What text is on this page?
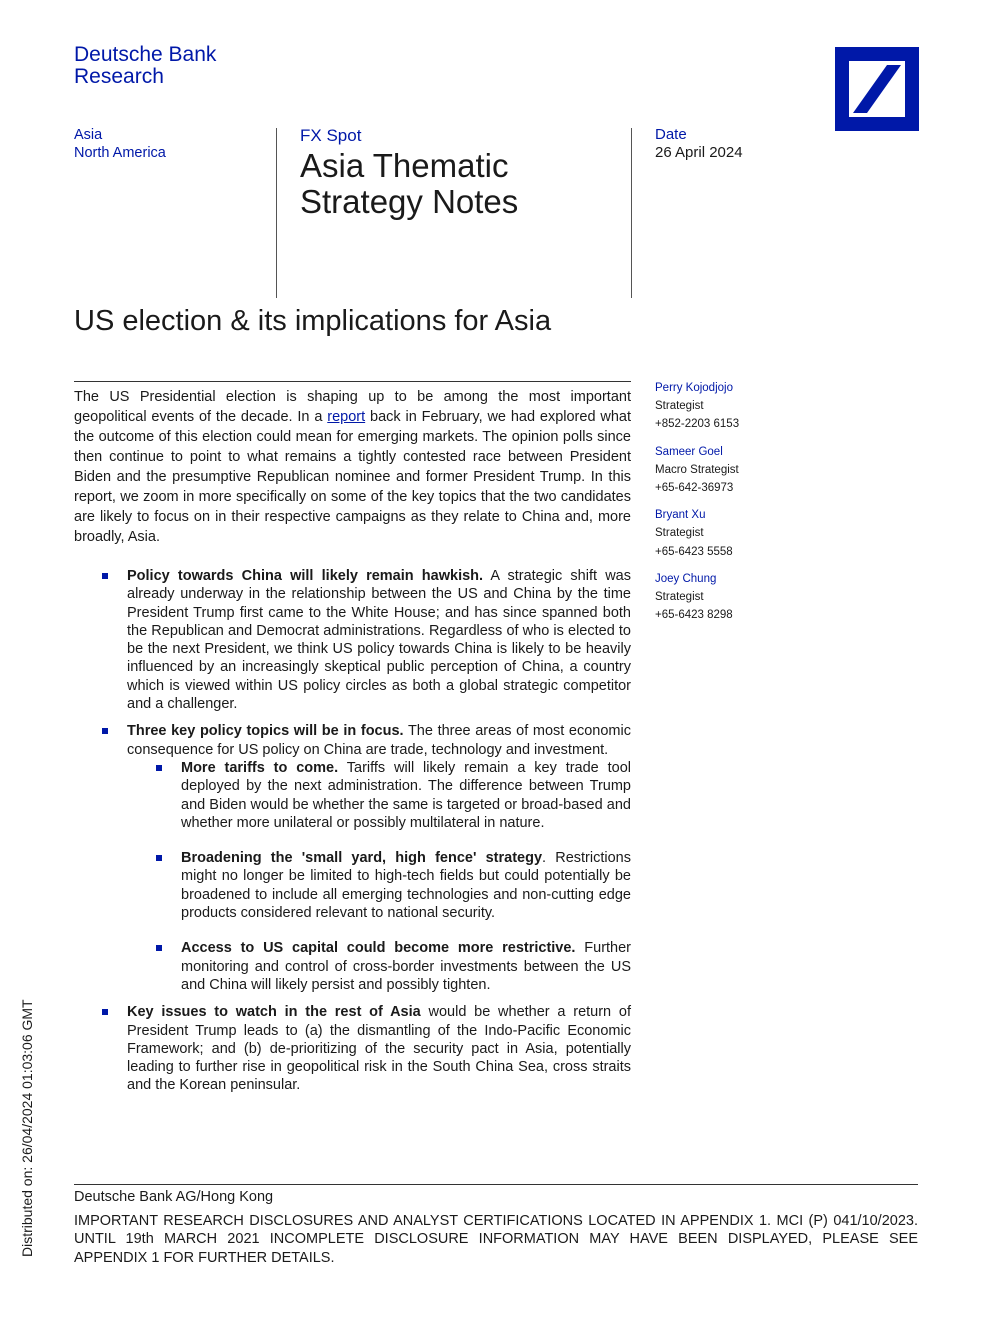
Deutsche Bank
Research
Asia
North America
FX Spot
Asia Thematic
Strategy Notes
Date
26 April 2024
US election & its implications for Asia
The US Presidential election is shaping up to be among the most important geopolitical events of the decade. In a report back in February, we had explored what the outcome of this election could mean for emerging markets. The opinion polls since then continue to point to what remains a tightly contested race between President Biden and the presumptive Republican nominee and former President Trump. In this report, we zoom in more specifically on some of the key topics that the two candidates are likely to focus on in their respective campaigns as they relate to China and, more broadly, Asia.
Policy towards China will likely remain hawkish. A strategic shift was already underway in the relationship between the US and China by the time President Trump first came to the White House; and has since spanned both the Republican and Democrat administrations. Regardless of who is elected to be the next President, we think US policy towards China is likely to be heavily influenced by an increasingly skeptical public perception of China, a country which is viewed within US policy circles as both a global strategic competitor and a challenger.
Three key policy topics will be in focus. The three areas of most economic consequence for US policy on China are trade, technology and investment.
More tariffs to come. Tariffs will likely remain a key trade tool deployed by the next administration. The difference between Trump and Biden would be whether the same is targeted or broad-based and whether more unilateral or possibly multilateral in nature.
Broadening the 'small yard, high fence' strategy. Restrictions might no longer be limited to high-tech fields but could potentially be broadened to include all emerging technologies and non-cutting edge products considered relevant to national security.
Access to US capital could become more restrictive. Further monitoring and control of cross-border investments between the US and China will likely persist and possibly tighten.
Key issues to watch in the rest of Asia would be whether a return of President Trump leads to (a) the dismantling of the Indo-Pacific Economic Framework; and (b) de-prioritizing of the security pact in Asia, potentially leading to further rise in geopolitical risk in the South China Sea, cross straits and the Korean peninsular.
Perry Kojodjojo
Strategist
+852-2203 6153
Sameer Goel
Macro Strategist
+65-642-36973
Bryant Xu
Strategist
+65-6423 5558
Joey Chung
Strategist
+65-6423 8298
Distributed on: 26/04/2024 01:03:06 GMT	Deutsche Bank AG/Hong Kong
IMPORTANT RESEARCH DISCLOSURES AND ANALYST CERTIFICATIONS LOCATED IN APPENDIX 1. MCI (P) 041/10/2023. UNTIL 19th MARCH 2021 INCOMPLETE DISCLOSURE INFORMATION MAY HAVE BEEN DISPLAYED, PLEASE SEE APPENDIX 1 FOR FURTHER DETAILS.
